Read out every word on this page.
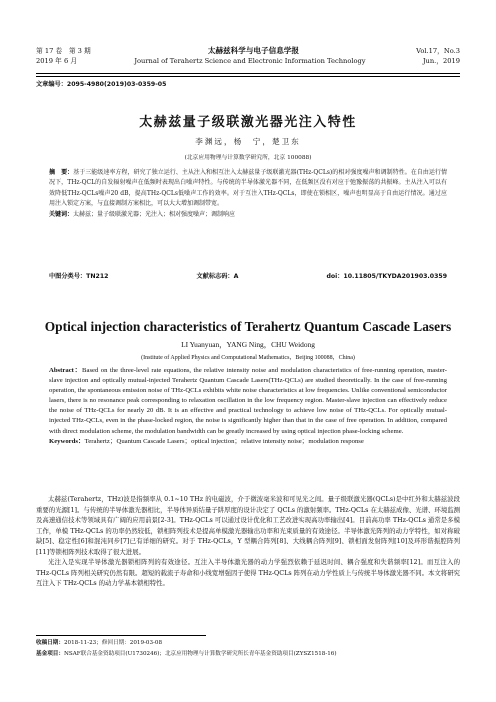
第 17 卷　第 3 期	太赫兹科学与电子信息学报	Vol.17，No.3
2019 年 6 月	Journal of Terahertz Science and Electronic Information Technology	Jun.，2019
文章编号：2095-4980(2019)03-0359-05
太赫兹量子级联激光器光注入特性
李渊远，杨　宁，楚卫东
(北京应用物理与计算数学研究所，北京 100088)
摘　要：基于三能级速率方程，研究了独立运行、主从注入和相互注入太赫兹量子级联激光器(THz-QCLs)的相对强度噪声和调制特性。在自由运行情况下，THz-QCL的自发辐射噪声在低频时表现出白噪声特性。与传统的半导体激光器不同，在低频区没有对应于弛豫振荡的共振峰。主从注入可以有效降低THz-QCLs噪声20 dB，提高THz-QCLs低噪声工作的效率。对于互注入THz-QCLs，即使在锁相区，噪声也明显高于自由运行情况。通过应用注入锁定方案，与直接调制方案相比，可以大大增加调制带宽。
关键词：太赫兹；量子级联激光器；光注入；相对强度噪声；调制响应
中图分类号：TN212	文献标志码：A	doi：10.11805/TKYDA201903.0359
Optical injection characteristics of Terahertz Quantum Cascade Lasers
LI Yuanyuan，YANG Ning，CHU Weidong
(Institute of Applied Physics and Computational Mathematics，Beijing 100088，China)
Abstract：Based on the three-level rate equations, the relative intensity noise and modulation characteristics of free-running operation, master-slave injection and optically mutual-injected Terahertz Quantum Cascade Lasers(THz-QCLs) are studied theoretically. In the case of free-running operation, the spontaneous emission noise of THz-QCLs exhibits white noise characteristics at low frequencies. Unlike conventional semiconductor lasers, there is no resonance peak corresponding to relaxation oscillation in the low frequency region. Master-slave injection can effectively reduce the noise of THz-QCLs for nearly 20 dB. It is an effective and practical technology to achieve low noise of THz-QCLs. For optically mutual-injected THz-QCLs, even in the phase-locked region, the noise is significantly higher than that in the case of free operation. In addition, compared with direct modulation scheme, the modulation bandwidth can be greatly increased by using optical injection phase-locking scheme.
Keywords：Terahertz；Quantum Cascade Lasers；optical injection；relative intensity noise；modulation response

太赫兹(Terahertz，THz)波是指频率从 0.1~10 THz 的电磁波，介于微波毫米波和可见光之间。量子级联激光器(QCLs)是中红外和太赫兹波段重要的光源[1]。与传统的半导体激光器相比，半导体异质结量子阱厚度的设计决定了 QCLs 的激射频率。THz-QCLs 在太赫兹成像、光谱、环境监测及高速通信技术等领域具有广阔的应用前景[2-3]。THz-QCLs 可以通过设计优化和工艺改进实现高功率输出[4]。目前高功率 THz-QCLs 通常是多模工作，单模 THz-QCLs 的功率仍然较低，锁相阵列技术是提高单模激光器输出功率和光束质量的有效途径。半导体激光阵列的动力学特性，如对称破缺[5]、稳定性[6]和混沌同步[7]已有详细的研究。对于 THz-QCLs，Y 型耦合阵列[8]、大线耦合阵列[9]、锁相面发射阵列[10]及环形谐振腔阵列[11]等锁相阵列技术取得了很大进展。

光注入是实现半导体激光器锁相阵列的有效途径。互注入半导体激光器的动力学强烈依赖于延迟时间、耦合强度和失谐频率[12]。而互注入的 THz-QCLs 阵列相关研究仍然有限。超短的载流子寿命和小线宽增强因子使得 THz-QCLs 阵列在动力学性质上与传统半导体激光器不同。本文将研究互注入下 THz-QCLs 的动力学基本锁相特性。

收稿日期：2018-11-23；修回日期：2019-03-08
基金项目：NSAF联合基金资助项目(U1730246)；北京应用物理与计算数学研究所长青年基金资助项目(ZYSZ1518-16)
